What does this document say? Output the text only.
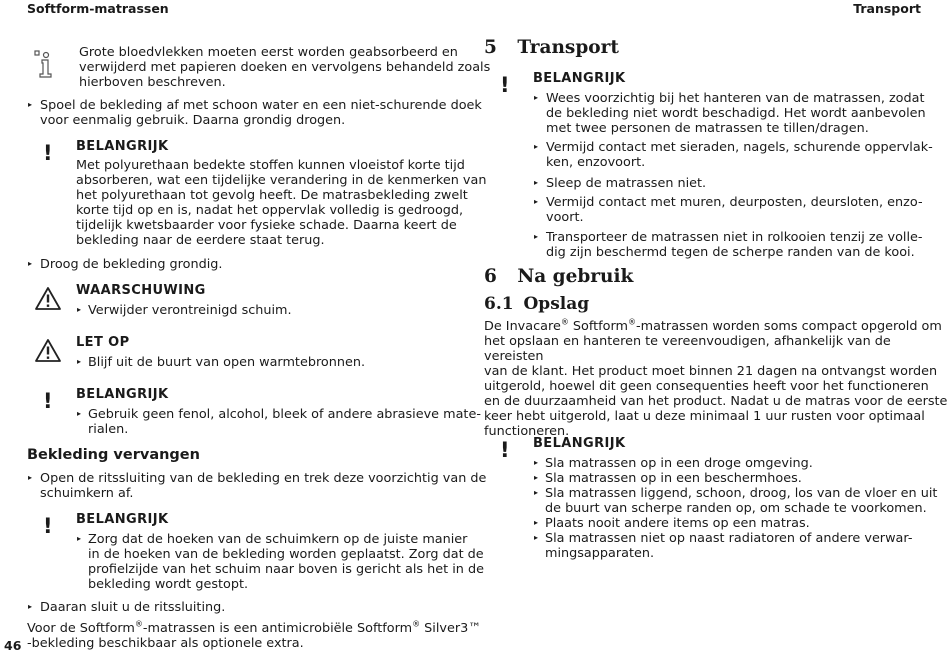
Softform-matrassen	Transport
Grote bloedvlekken moeten eerst worden geabsorbeerd en
verwijderd met papieren doeken en vervolgens behandeld zoals
hierboven beschreven.
▸ Spoel de bekleding af met schoon water en een niet-schurende doek
voor eenmalig gebruik. Daarna grondig drogen.
! BELANGRIJK
Met polyurethaan bedekte stoffen kunnen vloeistof korte tijd
absorberen, wat een tijdelijke verandering in de kenmerken van
het polyurethaan tot gevolg heeft. De matrasbekleding zwelt
korte tijd op en is, nadat het oppervlak volledig is gedroogd,
tijdelijk kwetsbaarder voor fysieke schade. Daarna keert de
bekleding naar de eerdere staat terug.
▸ Droog de bekleding grondig.
WAARSCHUWING
▸ Verwijder verontreinigd schuim.
LET OP
▸ Blijf uit de buurt van open warmtebronnen.
! BELANGRIJK
▸ Gebruik geen fenol, alcohol, bleek of andere abrasieve mate-
rialen.
Bekleding vervangen
▸ Open de ritssluiting van de bekleding en trek deze voorzichtig van de
schuimkern af.
! BELANGRIJK
▸ Zorg dat de hoeken van de schuimkern op de juiste manier
in de hoeken van de bekleding worden geplaatst. Zorg dat de
profielzijde van het schuim naar boven is gericht als het in de
bekleding wordt gestopt.
▸ Daaran sluit u de ritssluiting.
Voor de Softform®-matrassen is een antimicrobiële Softform® Silver3™
-bekleding beschikbaar als optionele extra.
46
5 Transport
! BELANGRIJK
▸ Wees voorzichtig bij het hanteren van de matrassen, zodat
de bekleding niet wordt beschadigd. Het wordt aanbevolen
met twee personen de matrassen te tillen/dragen.
▸ Vermijd contact met sieraden, nagels, schurende oppervlak-
ken, enzovoort.
▸ Sleep de matrassen niet.
▸ Vermijd contact met muren, deurposten, deursloten, enzo-
voort.
▸ Transporteer de matrassen niet in rolkooien tenzij ze volle-
dig zijn beschermd tegen de scherpe randen van de kooi.
6 Na gebruik
6.1 Opslag
De Invacare® Softform®-matrassen worden soms compact opgerold om
het opslaan en hanteren te vereenvoudigen, afhankelijk van de vereisten
van de klant. Het product moet binnen 21 dagen na ontvangst worden
uitgerold, hoewel dit geen consequenties heeft voor het functioneren
en de duurzaamheid van het product. Nadat u de matras voor de eerste
keer hebt uitgerold, laat u deze minimaal 1 uur rusten voor optimaal
functioneren.
! BELANGRIJK
▸ Sla matrassen op in een droge omgeving.
▸ Sla matrassen op in een beschermhoes.
▸ Sla matrassen liggend, schoon, droog, los van de vloer en uit
de buurt van scherpe randen op, om schade te voorkomen.
▸ Plaats nooit andere items op een matras.
▸ Sla matrassen niet op naast radiatoren of andere verwar-
mingsapparaten.
